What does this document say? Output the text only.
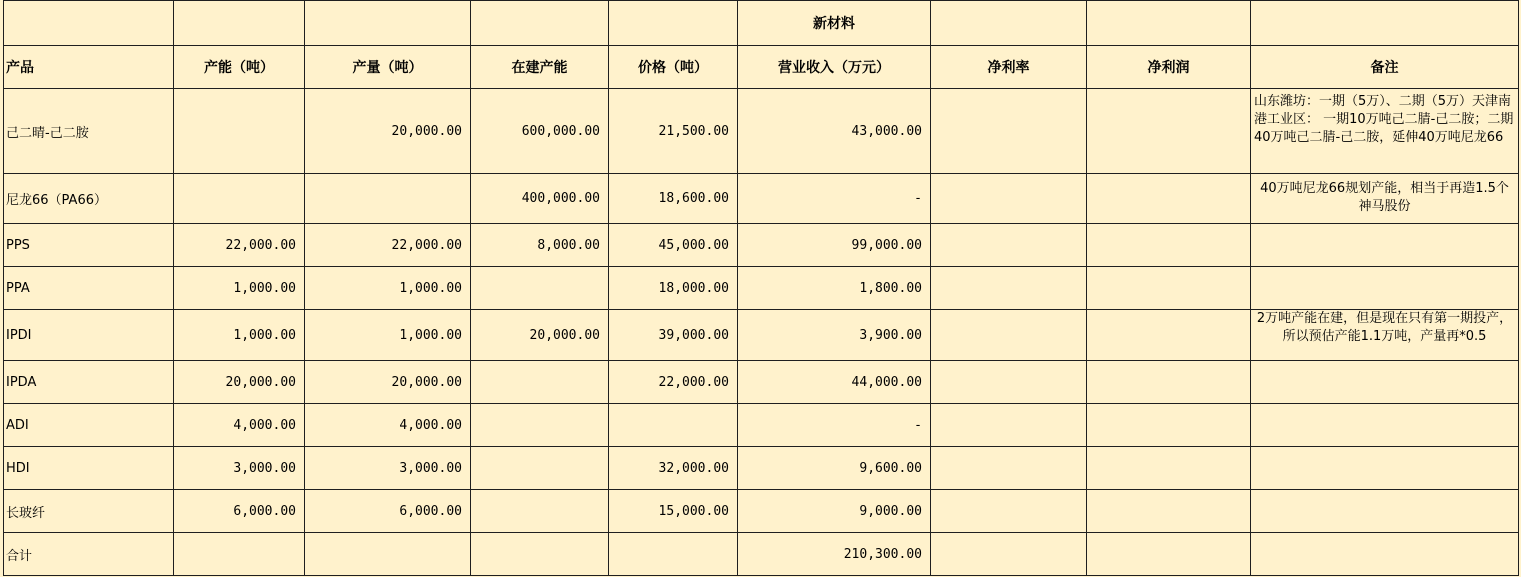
					新材料			
产品	产能（吨）	产量（吨）	在建产能	价格（吨）	营业收入（万元）	净利率	净利润	备注
己二晴-己二胺		20,000.00	600,000.00	21,500.00	43,000.00			山东潍坊：一期（5万）、二期（5万）天津南港工业区： 一期10万吨己二腈-己二胺；二期 40万吨己二腈-己二胺，延伸40万吨尼龙66
尼龙66（PA66）			400,000.00	18,600.00	-			40万吨尼龙66规划产能，相当于再造1.5个神马股份
PPS	22,000.00	22,000.00	8,000.00	45,000.00	99,000.00			
PPA	1,000.00	1,000.00		18,000.00	1,800.00			
IPDI	1,000.00	1,000.00	20,000.00	39,000.00	3,900.00			2万吨产能在建，但是现在只有第一期投产，所以预估产能1.1万吨，产量再*0.5

IPDA	20,000.00	20,000.00		22,000.00	44,000.00			
ADI	4,000.00	4,000.00			-			
HDI	3,000.00	3,000.00		32,000.00	9,600.00			
长玻纤	6,000.00	6,000.00		15,000.00	9,000.00			
合计					210,300.00			
